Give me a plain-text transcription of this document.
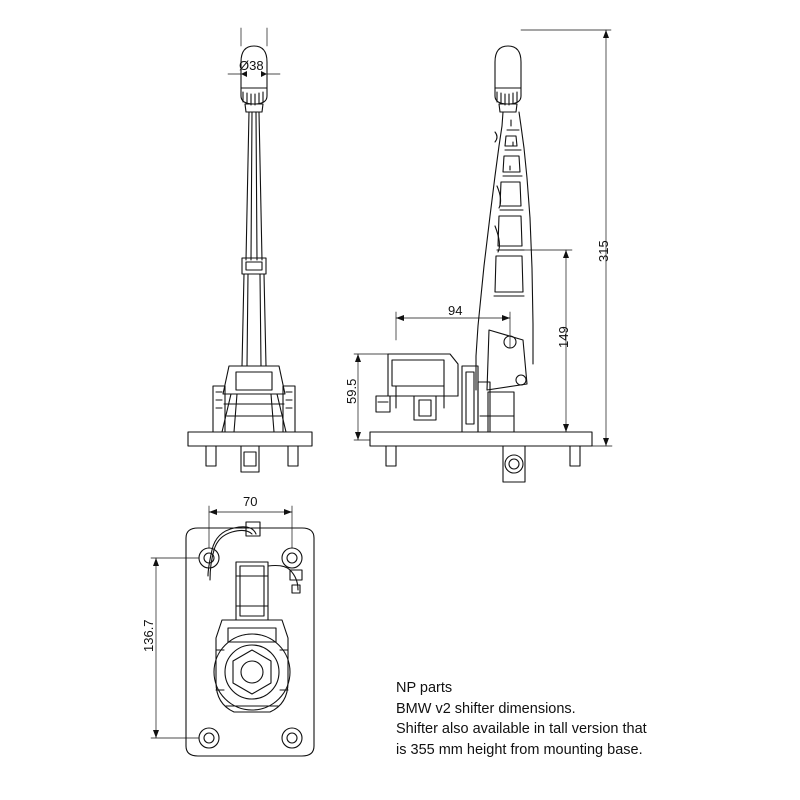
Ø38
315
94
149
59.5
70
136.7
NP parts
BMW v2 shifter dimensions.
Shifter also available in tall version that
is 355 mm height from mounting base.
